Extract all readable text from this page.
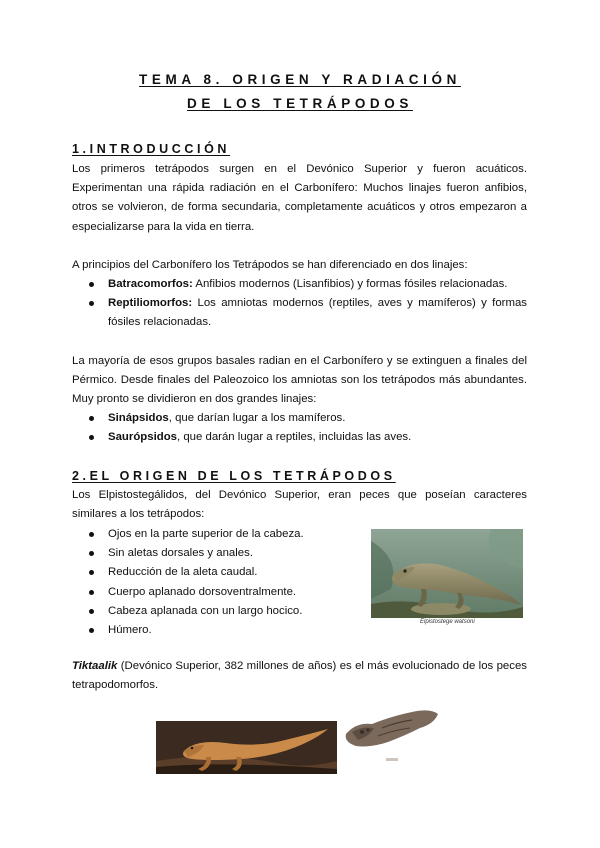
TEMA 8. ORIGEN Y RADIACIÓN
DE LOS TETRÁPODOS
1.INTRODUCCIÓN

Los primeros tetrápodos surgen en el Devónico Superior y fueron acuáticos. Experimentan una rápida radiación en el Carbonífero: Muchos linajes fueron anfibios, otros se volvieron, de forma secundaria, completamente acuáticos y otros empezaron a especializarse para la vida en tierra.

A principios del Carbonífero los Tetrápodos se han diferenciado en dos linajes:

Batracomorfos: Anfibios modernos (Lisanfibios) y formas fósiles relacionadas.
Reptiliomorfos: Los amniotas modernos (reptiles, aves y mamíferos) y formas fósiles relacionadas.

La mayoría de esos grupos basales radian en el Carbonífero y se extinguen a finales del Pérmico. Desde finales del Paleozoico los amniotas son los tetrápodos más abundantes. Muy pronto se dividieron en dos grandes linajes:

Sinápsidos, que darían lugar a los mamíferos.
Saurópsidos, que darán lugar a reptiles, incluidas las aves.
2.EL ORIGEN DE LOS TETRÁPODOS

Los Elpistostegálidos, del Devónico Superior, eran peces que poseían caracteres similares a los tetrápodos:

Ojos en la parte superior de la cabeza.
Sin aletas dorsales y anales.
Reducción de la aleta caudal.
Cuerpo aplanado dorsoventralmente.
Cabeza aplanada con un largo hocico.
Húmero.
Elpistostege watsoni

Tiktaalik (Devónico Superior, 382 millones de años) es el más evolucionado de los peces tetrapodomorfos.
